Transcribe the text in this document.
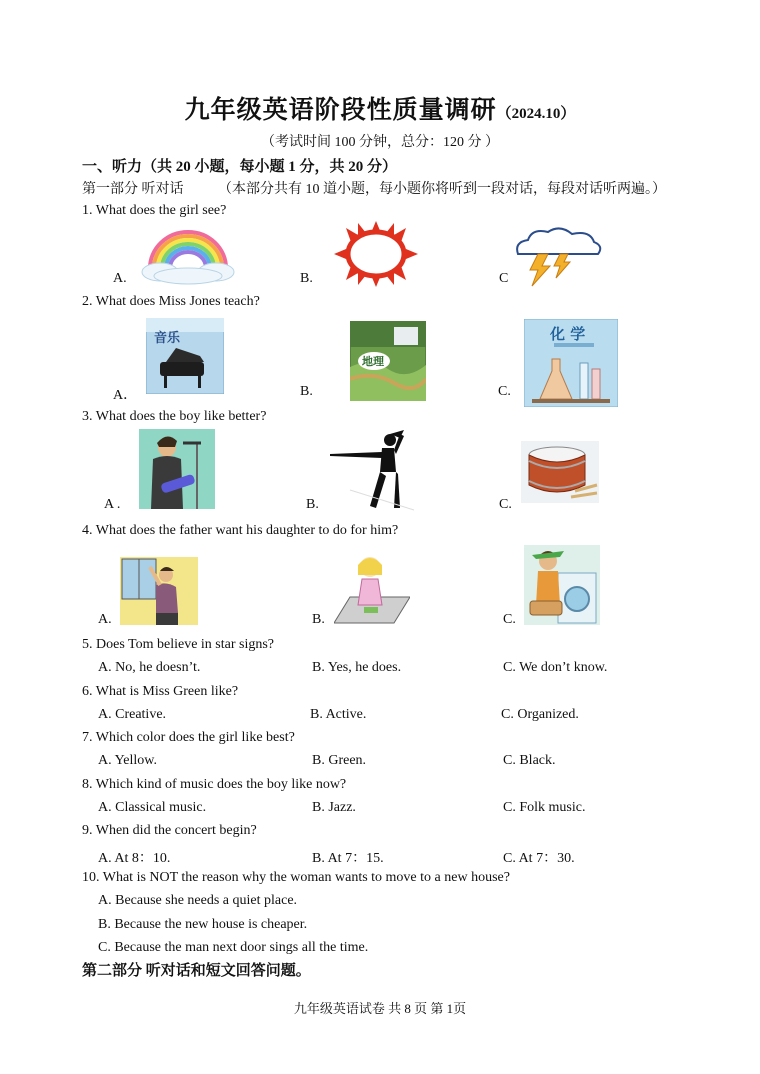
九年级英语阶段性质量调研（2024.10）
（考试时间 100 分钟，总分：120 分 ）
一、听力（共 20 小题，每小题 1 分，共 20 分）
第一部分 听对话 （本部分共有 10 道小题，每小题你将听到一段对话，每段对话听两遍。）
1. What does the girl see?
A.	B.	C
2. What does Miss Jones teach?
A．
音乐
B.
地理
C.
化 学
3. What does the boy like better?
A .	B.	C.
4. What does the father want his daughter to do for him?
A.	B.	C.
5. Does Tom believe in star signs?
A. No, he doesn’t.	B. Yes, he does.	C. We don’t know.
6. What is Miss Green like?
A. Creative.	B. Active.	C. Organized.
7. Which color does the girl like best?
A. Yellow.	B. Green.	C. Black.
8. Which kind of music does the boy like now?
A. Classical music.	B. Jazz.	C. Folk music.
9. When did the concert begin?
A. At 8：10.	B. At 7：15.	C. At 7：30.
10. What is NOT the reason why the woman wants to move to a new house?
A. Because she needs a quiet place.
B. Because the new house is cheaper.
C. Because the man next door sings all the time.
第二部分 听对话和短文回答问题。
九年级英语试卷 共 8 页 第 1页
